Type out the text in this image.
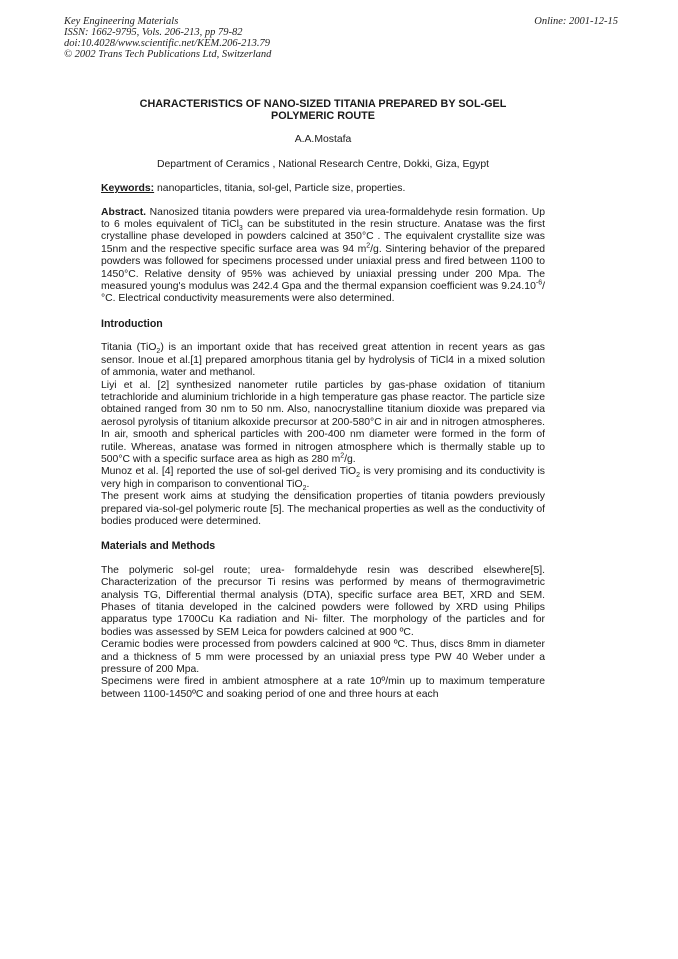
Key Engineering Materials
ISSN: 1662-9795, Vols. 206-213, pp 79-82
doi:10.4028/www.scientific.net/KEM.206-213.79
© 2002 Trans Tech Publications Ltd, Switzerland
Online: 2001-12-15
CHARACTERISTICS OF NANO-SIZED TITANIA PREPARED BY SOL-GEL
POLYMERIC ROUTE
A.A.Mostafa
Department of Ceramics , National Research Centre, Dokki, Giza, Egypt
Keywords: nanoparticles, titania, sol-gel, Particle size, properties.

Abstract. Nanosized titania powders were prepared via urea-formaldehyde resin formation. Up to 6 moles equivalent of TiCl$_3$ can be substituted in the resin structure. Anatase was the first crystalline phase developed in powders calcined at 350°C . The equivalent crystallite size was 15nm and the respective specific surface area was 94 $m^2/g$. Sintering behavior of the prepared powders was followed for specimens processed under uniaxial press and fired between 1100 to 1450°C. Relative density of 95% was achieved by uniaxial pressing under 200 Mpa. The measured young's modulus was 242.4 Gpa and the thermal expansion coefficient was $9.24.10^{-6}/^\circ C$. Electrical conductivity measurements were also determined.

Introduction

Titania (TiO$_2$) is an important oxide that has received great attention in recent years as gas sensor. Inoue et al.[1] prepared amorphous titania gel by hydrolysis of TiCl4 in a mixed solution of ammonia, water and methanol.

Liyi et al. [2] synthesized nanometer rutile particles by gas-phase oxidation of titanium tetrachloride and aluminium trichloride in a high temperature gas phase reactor. The particle size obtained ranged from 30 nm to 50 nm. Also, nanocrystalline titanium dioxide was prepared via aerosol pyrolysis of titanium alkoxide precursor at 200-580°C in air and in nitrogen atmospheres. In air, smooth and spherical particles with 200-400 nm diameter were formed in the form of rutile. Whereas, anatase was formed in nitrogen atmosphere which is thermally stable up to 500°C with a specific surface area as high as 280 $m^2/g$.

Munoz et al. [4] reported the use of sol-gel derived TiO$_2$ is very promising and its conductivity is very high in comparison to conventional TiO$_2$.

The present work aims at studying the densification properties of titania powders previously prepared via-sol-gel polymeric route [5]. The mechanical properties as well as the conductivity of bodies produced were determined.

Materials and Methods

The polymeric sol-gel route; urea- formaldehyde resin was described elsewhere[5]. Characterization of the precursor Ti resins was performed by means of thermogravimetric analysis TG, Differential thermal analysis (DTA), specific surface area BET, XRD and SEM. Phases of titania developed in the calcined powders were followed by XRD using Philips apparatus type 1700Cu Ka radiation and Ni- filter. The morphology of the particles and for bodies was assessed by SEM Leica for powders calcined at 900 ºC.

Ceramic bodies were processed from powders calcined at 900 ºC. Thus, discs 8mm in diameter and a thickness of 5 mm were processed by an uniaxial press type PW 40 Weber under a pressure of 200 Mpa.

Specimens were fired in ambient atmosphere at a rate 10º/min up to maximum temperature between 1100-1450ºC and soaking period of one and three hours at each
